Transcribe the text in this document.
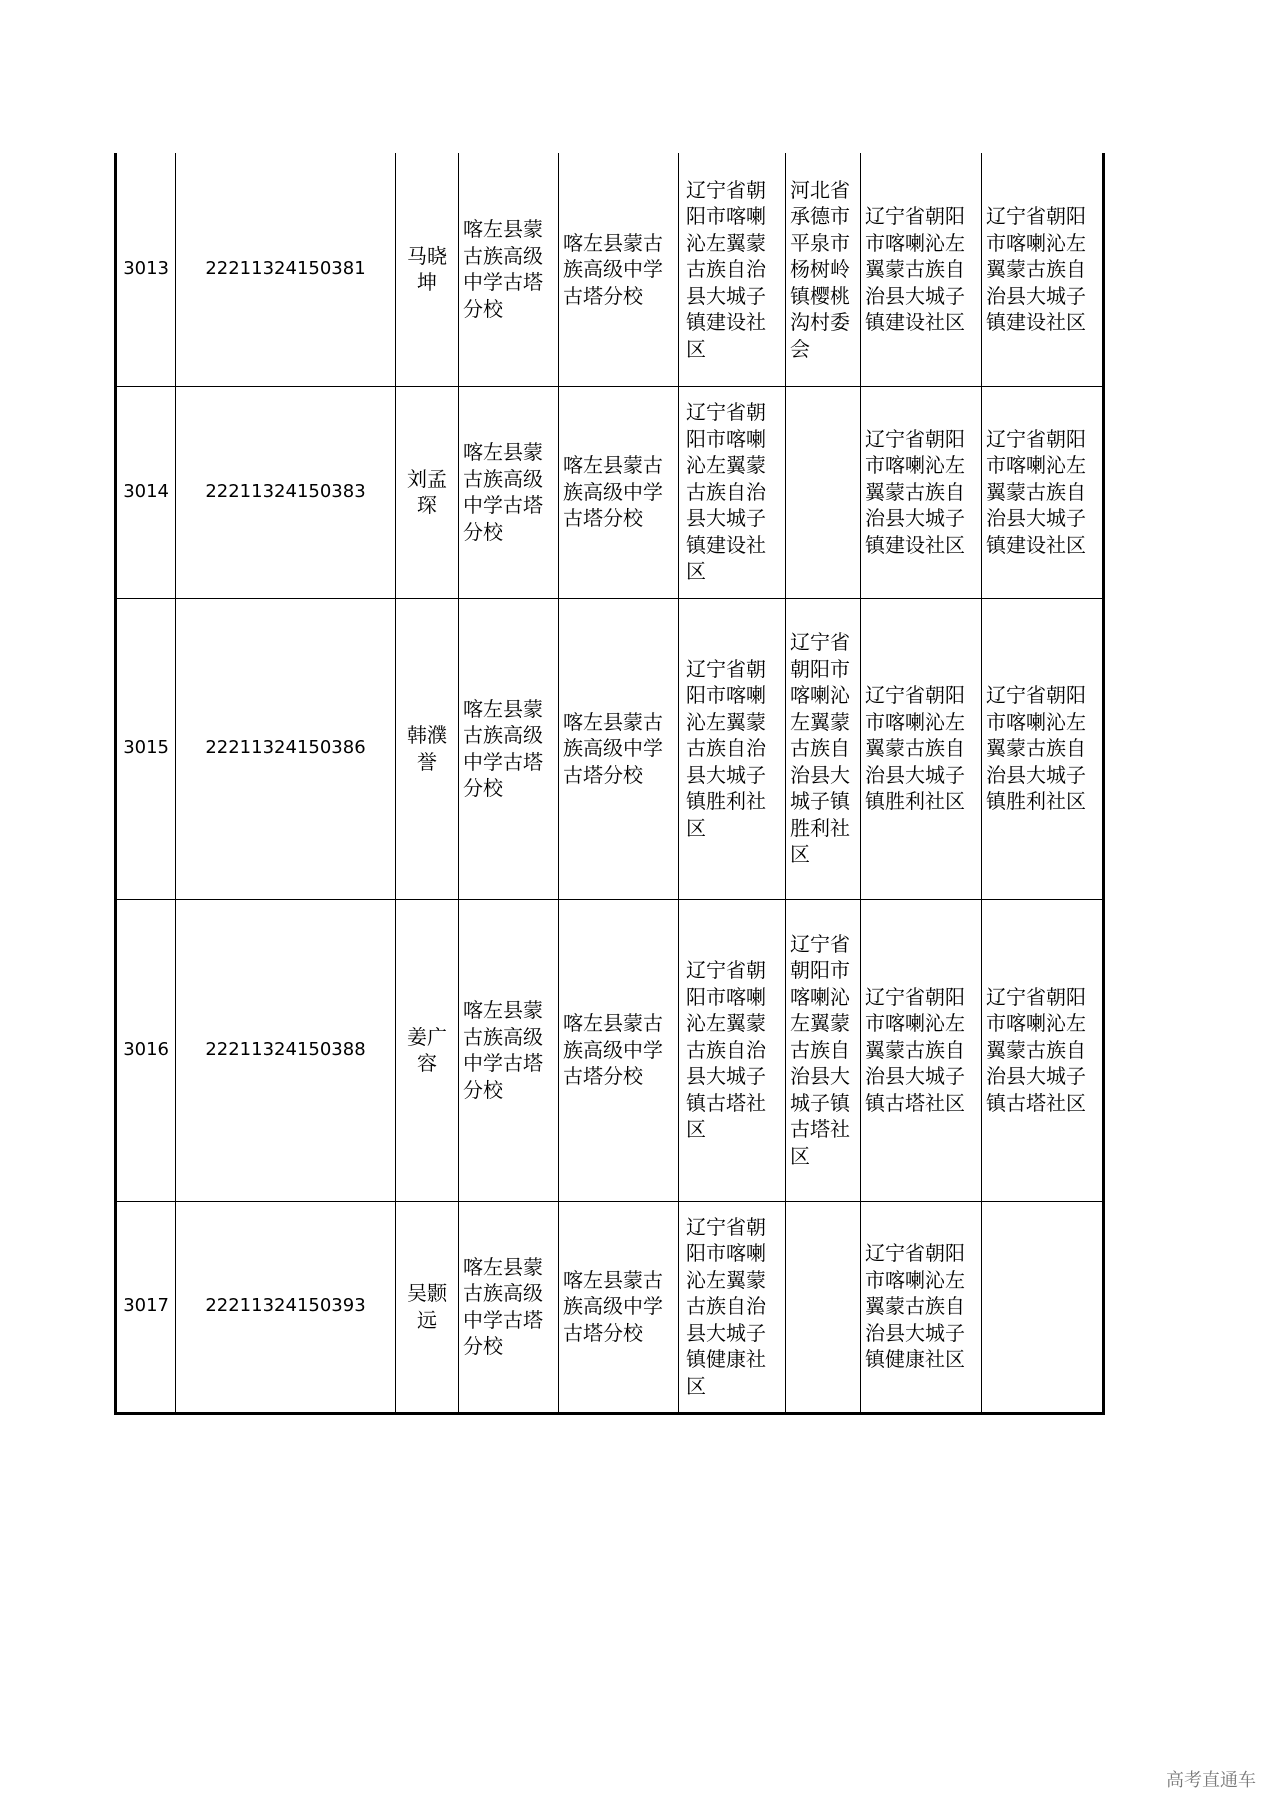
3013	22211324150381	马晓坤	喀左县蒙古族高级中学古塔分校	喀左县蒙古族高级中学古塔分校	辽宁省朝阳市喀喇沁左翼蒙古族自治县大城子镇建设社区	河北省承德市平泉市杨树岭镇樱桃沟村委会	辽宁省朝阳市喀喇沁左翼蒙古族自治县大城子镇建设社区	辽宁省朝阳市喀喇沁左翼蒙古族自治县大城子镇建设社区
3014	22211324150383	刘孟琛	喀左县蒙古族高级中学古塔分校	喀左县蒙古族高级中学古塔分校	辽宁省朝阳市喀喇沁左翼蒙古族自治县大城子镇建设社区		辽宁省朝阳市喀喇沁左翼蒙古族自治县大城子镇建设社区	辽宁省朝阳市喀喇沁左翼蒙古族自治县大城子镇建设社区
3015	22211324150386	韩濮誉	喀左县蒙古族高级中学古塔分校	喀左县蒙古族高级中学古塔分校	辽宁省朝阳市喀喇沁左翼蒙古族自治县大城子镇胜利社区	辽宁省朝阳市喀喇沁左翼蒙古族自治县大城子镇胜利社区	辽宁省朝阳市喀喇沁左翼蒙古族自治县大城子镇胜利社区	辽宁省朝阳市喀喇沁左翼蒙古族自治县大城子镇胜利社区
3016	22211324150388	姜广容	喀左县蒙古族高级中学古塔分校	喀左县蒙古族高级中学古塔分校	辽宁省朝阳市喀喇沁左翼蒙古族自治县大城子镇古塔社区	辽宁省朝阳市喀喇沁左翼蒙古族自治县大城子镇古塔社区	辽宁省朝阳市喀喇沁左翼蒙古族自治县大城子镇古塔社区	辽宁省朝阳市喀喇沁左翼蒙古族自治县大城子镇古塔社区
3017	22211324150393	吴颢远	喀左县蒙古族高级中学古塔分校	喀左县蒙古族高级中学古塔分校	辽宁省朝阳市喀喇沁左翼蒙古族自治县大城子镇健康社区		辽宁省朝阳市喀喇沁左翼蒙古族自治县大城子镇健康社区	
高考直通车
